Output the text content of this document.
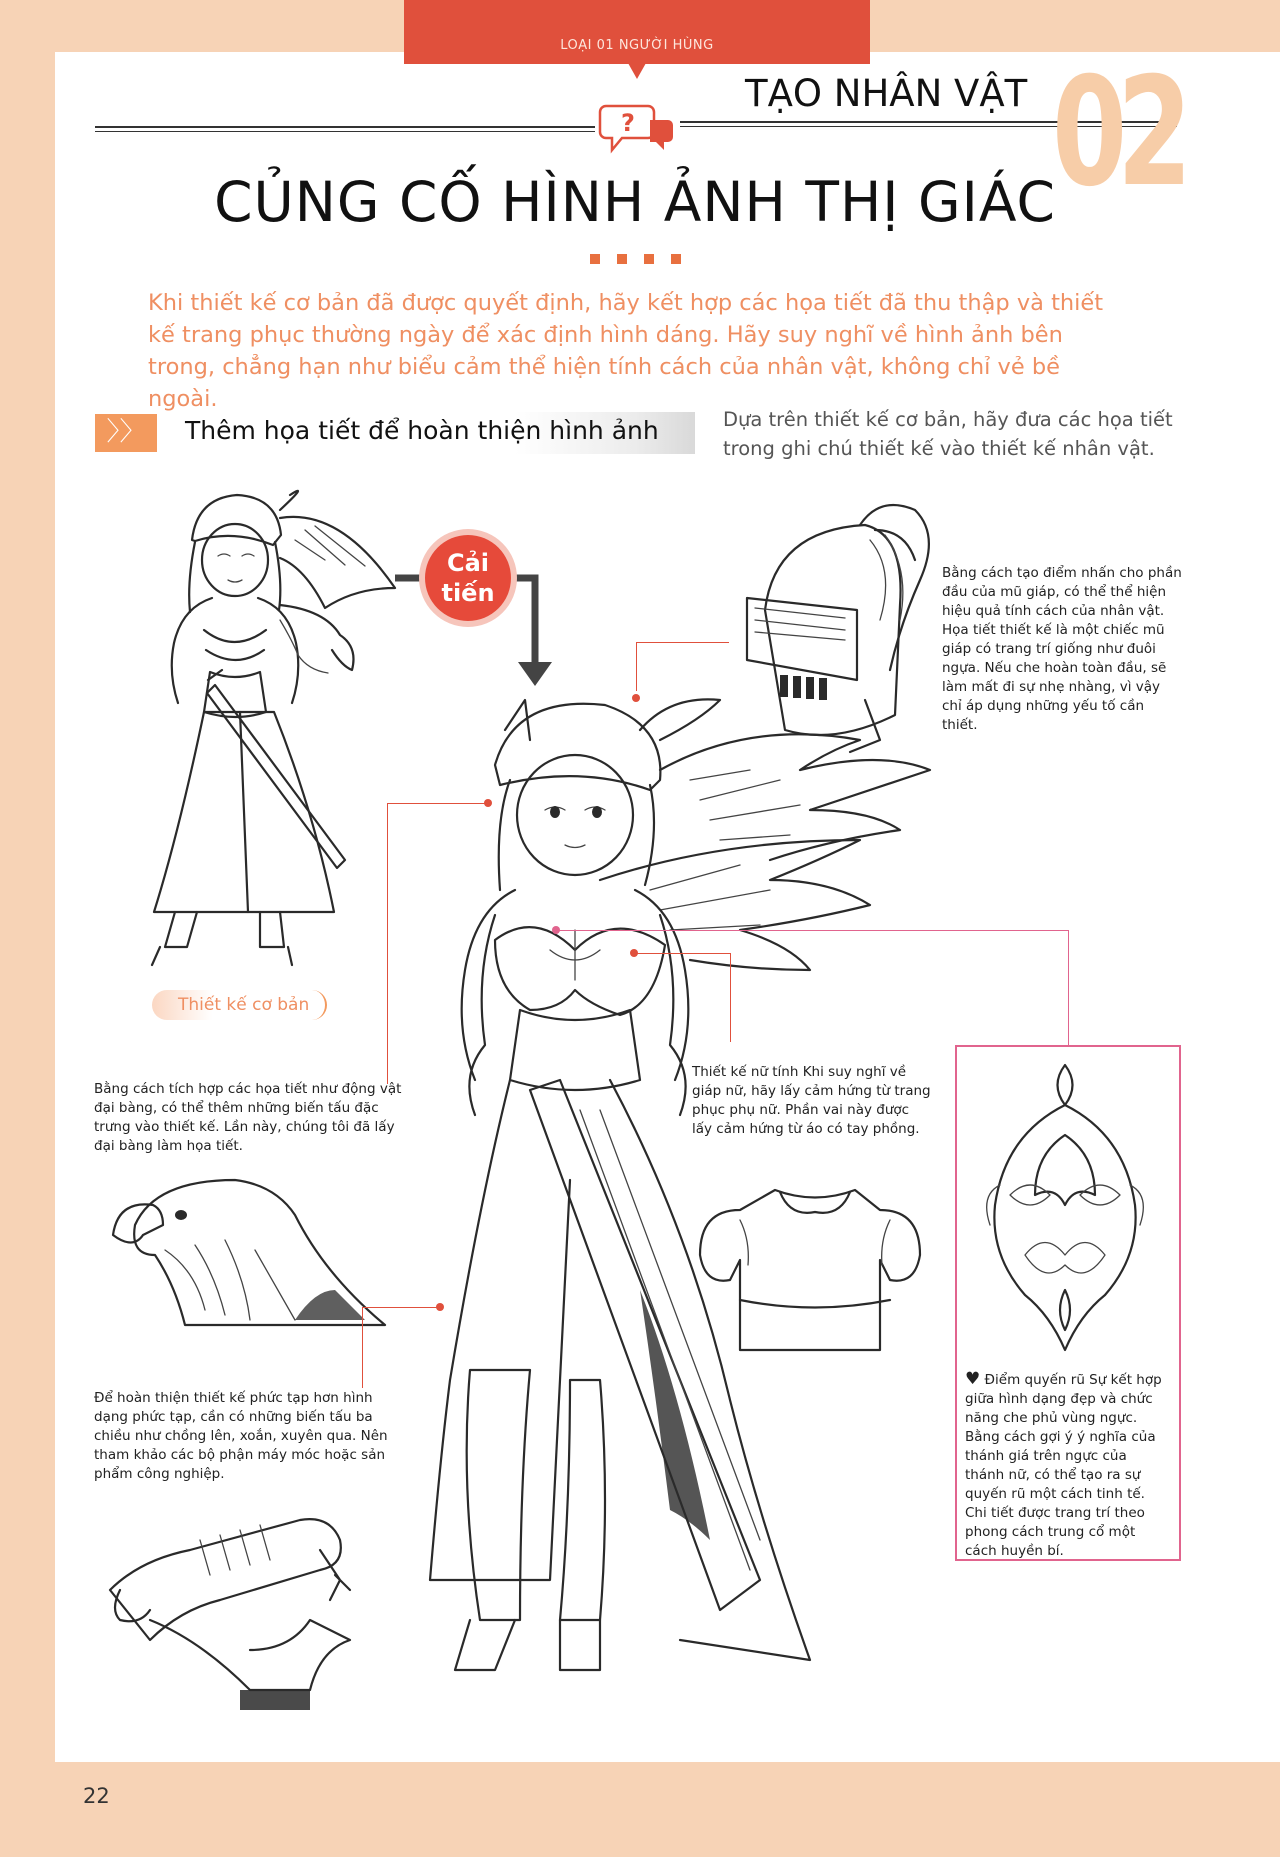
LOẠI 01 NGƯỜI HÙNG
?	02
TẠO NHÂN VẬT
CỦNG CỐ HÌNH ẢNH THỊ GIÁC
Khi thiết kế cơ bản đã được quyết định, hãy kết hợp các họa tiết đã thu thập và thiết kế trang phục thường ngày để xác định hình dáng. Hãy suy nghĩ về hình ảnh bên trong, chẳng hạn như biểu cảm thể hiện tính cách của nhân vật, không chỉ vẻ bề ngoài.
〉〉	Thêm họa tiết để hoàn thiện hình ảnh	Dựa trên thiết kế cơ bản, hãy đưa các họa tiết trong ghi chú thiết kế vào thiết kế nhân vật.
Thiết kế cơ bản
Cải
tiến
Bằng cách tạo điểm nhấn cho phần đầu của mũ giáp, có thể thể hiện hiệu quả tính cách của nhân vật. Họa tiết thiết kế là một chiếc mũ giáp có trang trí giống như đuôi ngựa. Nếu che hoàn toàn đầu, sẽ làm mất đi sự nhẹ nhàng, vì vậy chỉ áp dụng những yếu tố cần thiết.
Bằng cách tích hợp các họa tiết như động vật đại bàng, có thể thêm những biến tấu đặc trưng vào thiết kế. Lần này, chúng tôi đã lấy đại bàng làm họa tiết.
Thiết kế nữ tính Khi suy nghĩ về giáp nữ, hãy lấy cảm hứng từ trang phục phụ nữ. Phần vai này được lấy cảm hứng từ áo có tay phồng.
Để hoàn thiện thiết kế phức tạp hơn hình dạng phức tạp, cần có những biến tấu ba chiều như chồng lên, xoắn, xuyên qua. Nên tham khảo các bộ phận máy móc hoặc sản phẩm công nghiệp.
♥ Điểm quyến rũ Sự kết hợp giữa hình dạng đẹp và chức năng che phủ vùng ngực. Bằng cách gợi ý ý nghĩa của thánh giá trên ngực của thánh nữ, có thể tạo ra sự quyến rũ một cách tinh tế. Chi tiết được trang trí theo phong cách trung cổ một cách huyền bí.
22
